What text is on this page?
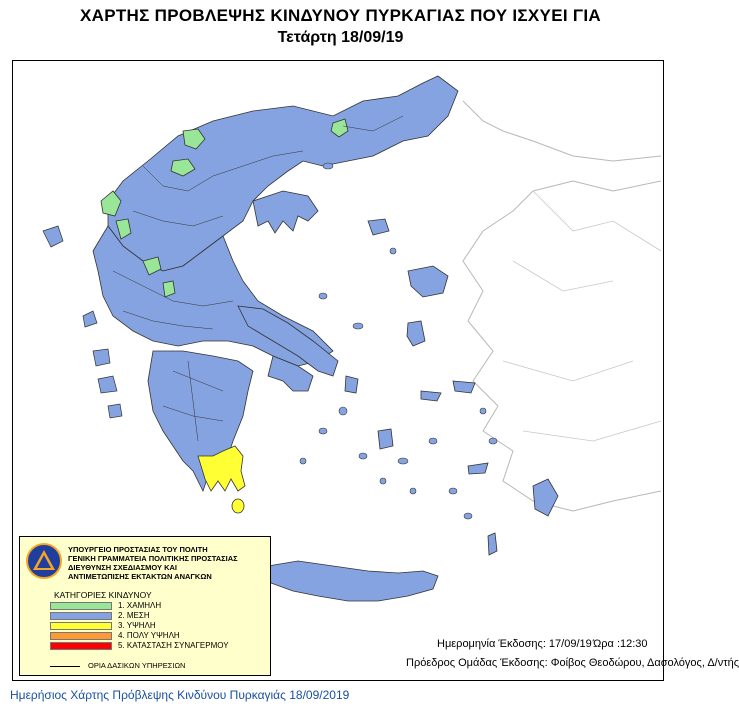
ΧΑΡΤΗΣ ΠΡΟΒΛΕΨΗΣ ΚΙΝΔΥΝΟΥ ΠΥΡΚΑΓΙΑΣ ΠΟΥ ΙΣΧΥΕΙ ΓΙΑ
Τετάρτη 18/09/19
ΥΠΟΥΡΓΕΙΟ ΠΡΟΣΤΑΣΙΑΣ ΤΟΥ ΠΟΛΙΤΗ
ΓΕΝΙΚΗ ΓΡΑΜΜΑΤΕΙΑ ΠΟΛΙΤΙΚΗΣ ΠΡΟΣΤΑΣΙΑΣ
ΔΙΕΥΘΥΝΣΗ ΣΧΕΔΙΑΣΜΟΥ ΚΑΙ
ΑΝΤΙΜΕΤΩΠΙΣΗΣ ΕΚΤΑΚΤΩΝ ΑΝΑΓΚΩΝ
ΚΑΤΗΓΟΡΙΕΣ ΚΙΝΔΥΝΟΥ
1. ΧΑΜΗΛΗ
2. ΜΕΣΗ
3. ΥΨΗΛΗ
4. ΠΟΛΥ ΥΨΗΛΗ
5. ΚΑΤΑΣΤΑΣΗ ΣΥΝΑΓΕΡΜΟΥ
ΟΡΙΑ ΔΑΣΙΚΩΝ ΥΠΗΡΕΣΙΩΝ
Ημερομηνία Έκδοσης: 17/09/19 Ώρα :12:30
Πρόεδρος Ομάδας Έκδοσης: Φοίβος Θεοδώρου, Δασολόγος, Δ/ντής
Ημερήσιος Χάρτης Πρόβλεψης Κινδύνου Πυρκαγιάς 18/09/2019
